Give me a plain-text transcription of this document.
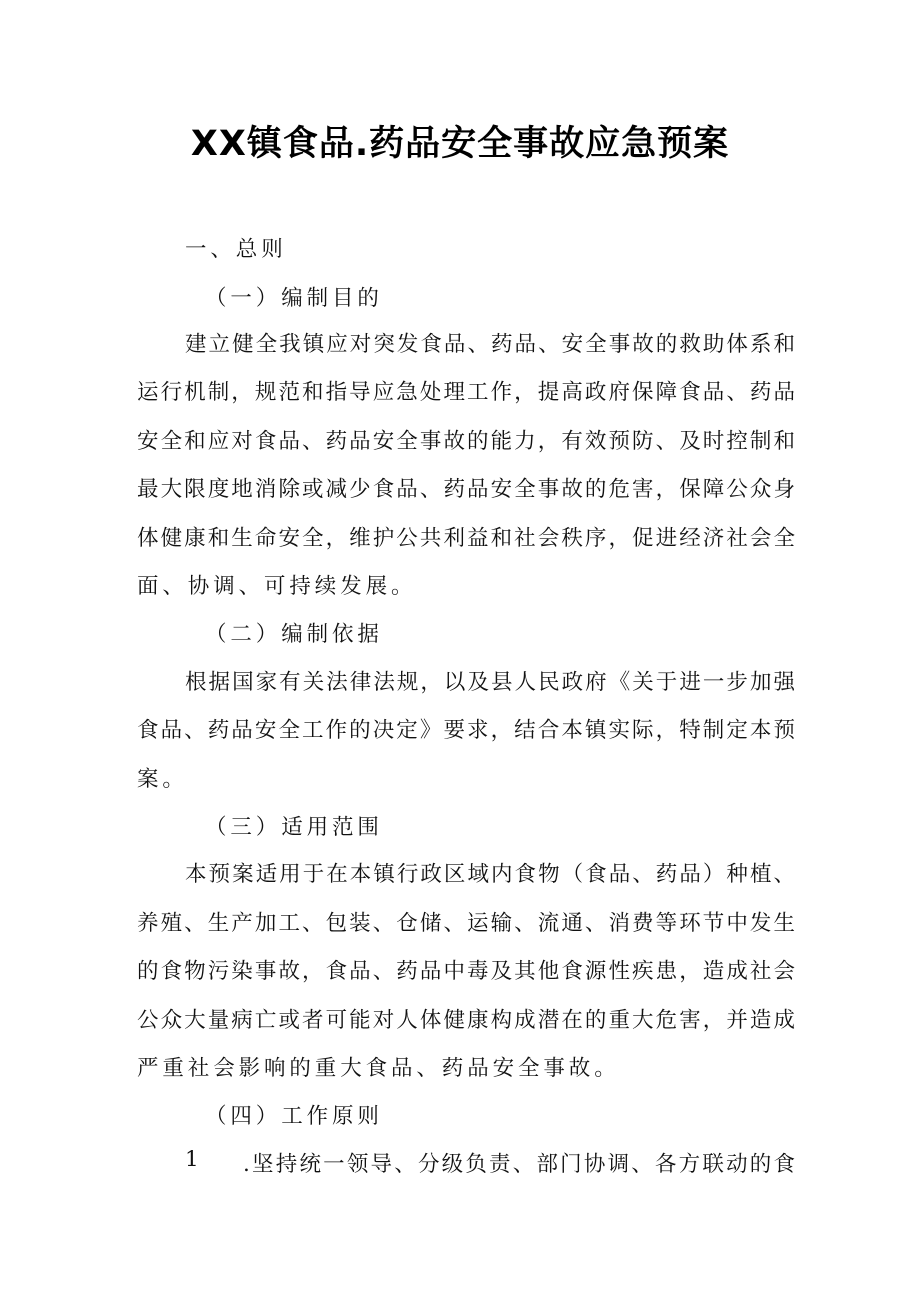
XX镇食品.药品安全事故应急预案
一、总则
（一）编制目的
建立健全我镇应对突发食品、药品、安全事故的救助体系和
运行机制，规范和指导应急处理工作，提高政府保障食品、药品
安全和应对食品、药品安全事故的能力，有效预防、及时控制和
最大限度地消除或减少食品、药品安全事故的危害，保障公众身
体健康和生命安全，维护公共利益和社会秩序，促进经济社会全
面、协调、可持续发展。
（二）编制依据
根据国家有关法律法规，以及县人民政府《关于进一步加强
食品、药品安全工作的决定》要求，结合本镇实际，特制定本预
案。
（三）适用范围
本预案适用于在本镇行政区域内食物（食品、药品）种植、
养殖、生产加工、包装、仓储、运输、流通、消费等环节中发生
的食物污染事故，食品、药品中毒及其他食源性疾患，造成社会
公众大量病亡或者可能对人体健康构成潜在的重大危害，并造成
严重社会影响的重大食品、药品安全事故。
（四）工作原则
1 .坚持统一领导、分级负责、部门协调、各方联动的食
